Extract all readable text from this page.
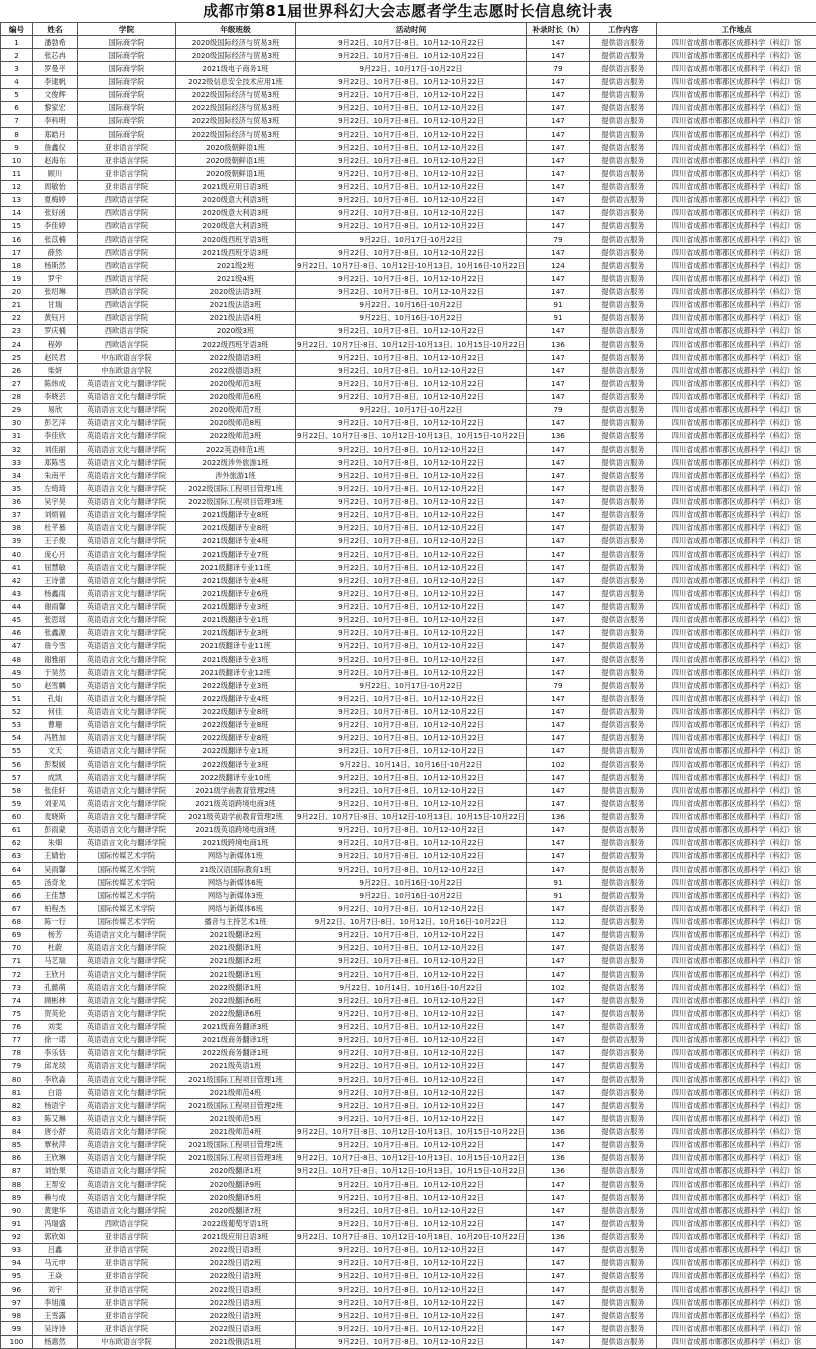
成都市第81届世界科幻大会志愿者学生志愿时长信息统计表
编号	姓名	学院	年级班级	活动时间	补录时长（h）	工作内容	工作地点
1	潘勃希	国际商学院	2020级国际经济与贸易3班	9月22日、10月7日-8日、10月12-10月22日	147	提供语言服务	四川省成都市郫都区成都科学（科幻）馆
2	张芯冉	国际商学院	2020级国际经济与贸易3班	9月22日、10月7日-8日、10月12-10月22日	147	提供语言服务	四川省成都市郫都区成都科学（科幻）馆
3	罗曼平	国际商学院	2021级电子商务1班	9月22日、10月17日-10月22日	79	提供语言服务	四川省成都市郫都区成都科学（科幻）馆
4	李逮帆	国际商学院	2022级信息安全技术应用1班	9月22日、10月7日-8日、10月12-10月22日	147	提供语言服务	四川省成都市郫都区成都科学（科幻）馆
5	文俊辉	国际商学院	2022级国际经济与贸易3班	9月22日、10月7日-8日、10月12-10月22日	147	提供语言服务	四川省成都市郫都区成都科学（科幻）馆
6	黎家宏	国际商学院	2022级国际经济与贸易3班	9月22日、10月7日-8日、10月12-10月22日	147	提供语言服务	四川省成都市郫都区成都科学（科幻）馆
7	李科明	国际商学院	2022级国际经济与贸易3班	9月22日、10月7日-8日、10月12-10月22日	147	提供语言服务	四川省成都市郫都区成都科学（科幻）馆
8	郑皓月	国际商学院	2022级国际经济与贸易3班	9月22日、10月7日-8日、10月12-10月22日	147	提供语言服务	四川省成都市郫都区成都科学（科幻）馆
9	詹鑫仪	亚非语言学院	2020级朝鲜语1班	9月22日、10月7日-8日、10月12-10月22日	147	提供语言服务	四川省成都市郫都区成都科学（科幻）馆
10	赵海东	亚非语言学院	2020级朝鲜语1班	9月22日、10月7日-8日、10月12-10月22日	147	提供语言服务	四川省成都市郫都区成都科学（科幻）馆
11	顾川	亚非语言学院	2020级朝鲜语1班	9月22日、10月7日-8日、10月12-10月22日	147	提供语言服务	四川省成都市郫都区成都科学（科幻）馆
12	周敏怡	亚非语言学院	2021级应用日语3班	9月22日、10月7日-8日、10月12-10月22日	147	提供语言服务	四川省成都市郫都区成都科学（科幻）馆
13	夏梅婷	西欧语言学院	2020级意大利语3班	9月22日、10月7日-8日、10月12-10月22日	147	提供语言服务	四川省成都市郫都区成都科学（科幻）馆
14	张好函	西欧语言学院	2020级意大利语3班	9月22日、10月7日-8日、10月12-10月22日	147	提供语言服务	四川省成都市郫都区成都科学（科幻）馆
15	李佳婷	西欧语言学院	2020级意大利语3班	9月22日、10月7日-8日、10月12-10月22日	147	提供语言服务	四川省成都市郫都区成都科学（科幻）馆
16	张苡楠	西欧语言学院	2020级西班牙语3班	9月22日、10月17日-10月22日	79	提供语言服务	四川省成都市郫都区成都科学（科幻）馆
17	薛然	西欧语言学院	2021级西班牙语3班	9月22日、10月7日-8日、10月12-10月22日	147	提供语言服务	四川省成都市郫都区成都科学（科幻）馆
18	杨斯然	西欧语言学院	2021级2班	9月22日、10月7日-8日、10月12日-10月13日、10月16日-10月22日	124	提供语言服务	四川省成都市郫都区成都科学（科幻）馆
19	罗宇	西欧语言学院	2021级4班	9月22日、10月7日-8日、10月12-10月22日	147	提供语言服务	四川省成都市郫都区成都科学（科幻）馆
20	张绍琳	西欧语言学院	2020级法语3班	9月22日、10月7日-8日、10月12-10月22日	147	提供语言服务	四川省成都市郫都区成都科学（科幻）馆
21	甘瑞	西欧语言学院	2021级法语3班	9月22日、10月16日-10月22日	91	提供语言服务	四川省成都市郫都区成都科学（科幻）馆
22	黄钰月	西欧语言学院	2021级法语4班	9月22日、10月16日-10月22日	91	提供语言服务	四川省成都市郫都区成都科学（科幻）馆
23	罗庆桶	西欧语言学院	2020级3班	9月22日、10月7日-8日、10月12-10月22日	147	提供语言服务	四川省成都市郫都区成都科学（科幻）馆
24	程婷	西欧语言学院	2022级西班牙语3班	9月22日、10月7日-8日、10月12日-10月13日、10月15日-10月22日	136	提供语言服务	四川省成都市郫都区成都科学（科幻）馆
25	赵民君	中东欧语言学院	2022级德语3班	9月22日、10月7日-8日、10月12-10月22日	147	提供语言服务	四川省成都市郫都区成都科学（科幻）馆
26	柴妍	中东欧语言学院	2022级德语3班	9月22日、10月7日-8日、10月12-10月22日	147	提供语言服务	四川省成都市郫都区成都科学（科幻）馆
27	陈炜成	英语语言文化与翻译学院	2020级师范3班	9月22日、10月7日-8日、10月12-10月22日	147	提供语言服务	四川省成都市郫都区成都科学（科幻）馆
28	李晓芸	英语语言文化与翻译学院	2020级师范6班	9月22日、10月7日-8日、10月12-10月22日	147	提供语言服务	四川省成都市郫都区成都科学（科幻）馆
29	易欣	英语语言文化与翻译学院	2020级师范7班	9月22日、10月17日-10月22日	79	提供语言服务	四川省成都市郫都区成都科学（科幻）馆
30	彭艺洋	英语语言文化与翻译学院	2020级师范8班	9月22日、10月7日-8日、10月12-10月22日	147	提供语言服务	四川省成都市郫都区成都科学（科幻）馆
31	李佳欣	英语语言文化与翻译学院	2022级师范3班	9月22日、10月7日-8日、10月12日-10月13日、10月15日-10月22日	136	提供语言服务	四川省成都市郫都区成都科学（科幻）馆
32	刘佳丽	英语语言文化与翻译学院	2022英语师范1班	9月22日、10月7日-8日、10月12-10月22日	147	提供语言服务	四川省成都市郫都区成都科学（科幻）馆
33	郑陈雪	英语语言文化与翻译学院	2022级涉外旅游1班	9月22日、10月7日-8日、10月12-10月22日	147	提供语言服务	四川省成都市郫都区成都科学（科幻）馆
34	朱南平	英语语言文化与翻译学院	涉外旅游1班	9月22日、10月7日-8日、10月12-10月22日	147	提供语言服务	四川省成都市郫都区成都科学（科幻）馆
35	左绮琦	英语语言文化与翻译学院	2022级国际工程项目管理1班	9月22日、10月7日-8日、10月12-10月22日	147	提供语言服务	四川省成都市郫都区成都科学（科幻）馆
36	吴宇昊	英语语言文化与翻译学院	2022级国际工程项目管理3班	9月22日、10月7日-8日、10月12-10月22日	147	提供语言服务	四川省成都市郫都区成都科学（科幻）馆
37	刘烦福	英语语言文化与翻译学院	2021级翻译专业8班	9月22日、10月7日-8日、10月12-10月22日	147	提供语言服务	四川省成都市郫都区成都科学（科幻）馆
38	杜芊慕	英语语言文化与翻译学院	2021级翻译专业8班	9月22日、10月7日-8日、10月12-10月22日	147	提供语言服务	四川省成都市郫都区成都科学（科幻）馆
39	王子俊	英语语言文化与翻译学院	2021级翻译专业4班	9月22日、10月7日-8日、10月12-10月22日	147	提供语言服务	四川省成都市郫都区成都科学（科幻）馆
40	庞心月	英语语言文化与翻译学院	2021级翻译专业7班	9月22日、10月7日-8日、10月12-10月22日	147	提供语言服务	四川省成都市郫都区成都科学（科幻）馆
41	屈慧敏	英语语言文化与翻译学院	2021级翻译专业11班	9月22日、10月7日-8日、10月12-10月22日	147	提供语言服务	四川省成都市郫都区成都科学（科幻）馆
42	王诗蕾	英语语言文化与翻译学院	2021级翻译专业4班	9月22日、10月7日-8日、10月12-10月22日	147	提供语言服务	四川省成都市郫都区成都科学（科幻）馆
43	杨鑫雨	英语语言文化与翻译学院	2021级翻译专业6班	9月22日、10月7日-8日、10月12-10月22日	147	提供语言服务	四川省成都市郫都区成都科学（科幻）馆
44	谢雨馨	英语语言文化与翻译学院	2021级翻译专业3班	9月22日、10月7日-8日、10月12-10月22日	147	提供语言服务	四川省成都市郫都区成都科学（科幻）馆
45	张思瑶	英语语言文化与翻译学院	2021级翻译专业1班	9月22日、10月7日-8日、10月12-10月22日	147	提供语言服务	四川省成都市郫都区成都科学（科幻）馆
46	张鑫源	英语语言文化与翻译学院	2021级翻译专业3班	9月22日、10月7日-8日、10月12-10月22日	147	提供语言服务	四川省成都市郫都区成都科学（科幻）馆
47	詹今雪	英语语言文化与翻译学院	2021级翻译专业11班	9月22日、10月7日-8日、10月12-10月22日	147	提供语言服务	四川省成都市郫都区成都科学（科幻）馆
48	谢雅丽	英语语言文化与翻译学院	2021级翻译专业3班	9月22日、10月7日-8日、10月12-10月22日	147	提供语言服务	四川省成都市郫都区成都科学（科幻）馆
49	于昊然	英语语言文化与翻译学院	2021级翻译专业12班	9月22日、10月7日-8日、10月12-10月22日	147	提供语言服务	四川省成都市郫都区成都科学（科幻）馆
50	赵雪麟	英语语言文化与翻译学院	2022级翻译专业3班	9月22日、10月17日-10月22日	79	提供语言服务	四川省成都市郫都区成都科学（科幻）馆
51	孔灿	英语语言文化与翻译学院	2022级翻译专业4班	9月22日、10月7日-8日、10月12-10月22日	147	提供语言服务	四川省成都市郫都区成都科学（科幻）馆
52	何佳	英语语言文化与翻译学院	2022级翻译专业8班	9月22日、10月7日-8日、10月12-10月22日	147	提供语言服务	四川省成都市郫都区成都科学（科幻）馆
53	曹珊	英语语言文化与翻译学院	2022级翻译专业8班	9月22日、10月7日-8日、10月12-10月22日	147	提供语言服务	四川省成都市郫都区成都科学（科幻）馆
54	冯胜加	英语语言文化与翻译学院	2022级翻译专业8班	9月22日、10月7日-8日、10月12-10月22日	147	提供语言服务	四川省成都市郫都区成都科学（科幻）馆
55	文天	英语语言文化与翻译学院	2022级翻译专业1班	9月22日、10月7日-8日、10月12-10月22日	147	提供语言服务	四川省成都市郫都区成都科学（科幻）馆
56	彭梨媛	英语语言文化与翻译学院	2022级翻译专业3班	9月22日、10月14日、10月16日-10月22日	102	提供语言服务	四川省成都市郫都区成都科学（科幻）馆
57	成凯	英语语言文化与翻译学院	2022级翻译专业10班	9月22日、10月7日-8日、10月12-10月22日	147	提供语言服务	四川省成都市郫都区成都科学（科幻）馆
58	张佳轩	英语语言文化与翻译学院	2021级学前教育管理2班	9月22日、10月7日-8日、10月12-10月22日	147	提供语言服务	四川省成都市郫都区成都科学（科幻）馆
59	刘亚凤	英语语言文化与翻译学院	2021级英语跨境电商3班	9月22日、10月7日-8日、10月12-10月22日	147	提供语言服务	四川省成都市郫都区成都科学（科幻）馆
60	麦晓斯	英语语言文化与翻译学院	2021级英语学前教育管理2班	9月22日、10月7日-8日、10月12日-10月13日、10月15日-10月22日	136	提供语言服务	四川省成都市郫都区成都科学（科幻）馆
61	彭雨蒙	英语语言文化与翻译学院	2021级英语跨境电商3班	9月22日、10月7日-8日、10月12-10月22日	147	提供语言服务	四川省成都市郫都区成都科学（科幻）馆
62	朱畑	英语语言文化与翻译学院	2021级跨境电商1班	9月22日、10月7日-8日、10月12-10月22日	147	提供语言服务	四川省成都市郫都区成都科学（科幻）馆
63	王婧怡	国际传媒艺术学院	网络与新媒体1班	9月22日、10月7日-8日、10月12-10月22日	147	提供语言服务	四川省成都市郫都区成都科学（科幻）馆
64	吴雨馨	国际传媒艺术学院	21级汉语国际教育1班	9月22日、10月7日-8日、10月12-10月22日	147	提供语言服务	四川省成都市郫都区成都科学（科幻）馆
65	汤奇龙	国际传媒艺术学院	网络与新媒体6班	9月22日、10月16日-10月22日	91	提供语言服务	四川省成都市郫都区成都科学（科幻）馆
66	王佳慧	国际传媒艺术学院	网络与新媒体3班	9月22日、10月16日-10月22日	91	提供语言服务	四川省成都市郫都区成都科学（科幻）馆
67	柏程杰	国际传媒艺术学院	网络与新媒体6班	9月22日、10月7日-8日、10月12-10月22日	147	提供语言服务	四川省成都市郫都区成都科学（科幻）馆
68	陈一行	国际传媒艺术学院	播音与主持艺术1班	9月22日、10月7日-8日、10月12日、10月16日-10月22日	112	提供语言服务	四川省成都市郫都区成都科学（科幻）馆
69	杨芳	英语语言文化与翻译学院	2021级翻译2班	9月22日、10月7日-8日、10月12-10月22日	147	提供语言服务	四川省成都市郫都区成都科学（科幻）馆
70	杜蔚	英语语言文化与翻译学院	2021级翻译1班	9月22日、10月7日-8日、10月12-10月22日	147	提供语言服务	四川省成都市郫都区成都科学（科幻）馆
71	马艺瑞	英语语言文化与翻译学院	2021级翻译2班	9月22日、10月7日-8日、10月12-10月22日	147	提供语言服务	四川省成都市郫都区成都科学（科幻）馆
72	王欣月	英语语言文化与翻译学院	2021级翻译1班	9月22日、10月7日-8日、10月12-10月22日	147	提供语言服务	四川省成都市郫都区成都科学（科幻）馆
73	孔懿萌	英语语言文化与翻译学院	2022级翻译1班	9月22日、10月14日、10月16日-10月22日	102	提供语言服务	四川省成都市郫都区成都科学（科幻）馆
74	顾彬林	英语语言文化与翻译学院	2022级翻译6班	9月22日、10月7日-8日、10月12-10月22日	147	提供语言服务	四川省成都市郫都区成都科学（科幻）馆
75	贺英伦	英语语言文化与翻译学院	2022级翻译6班	9月22日、10月7日-8日、10月12-10月22日	147	提供语言服务	四川省成都市郫都区成都科学（科幻）馆
76	刘雯	英语语言文化与翻译学院	2021级商务翻译3班	9月22日、10月7日-8日、10月12-10月22日	147	提供语言服务	四川省成都市郫都区成都科学（科幻）馆
77	徐一诺	英语语言文化与翻译学院	2021级商务翻译1班	9月22日、10月7日-8日、10月12-10月22日	147	提供语言服务	四川省成都市郫都区成都科学（科幻）馆
78	李乐恬	英语语言文化与翻译学院	2022级商务翻译1班	9月22日、10月7日-8日、10月12-10月22日	147	提供语言服务	四川省成都市郫都区成都科学（科幻）馆
79	邱龙琰	英语语言文化与翻译学院	2021级英语1班	9月22日、10月7日-8日、10月12-10月22日	147	提供语言服务	四川省成都市郫都区成都科学（科幻）馆
80	李欣淼	英语语言文化与翻译学院	2021级国际工程项目管理1班	9月22日、10月7日-8日、10月12-10月22日	147	提供语言服务	四川省成都市郫都区成都科学（科幻）馆
81	白语	英语语言文化与翻译学院	2021级师范4班	9月22日、10月7日-8日、10月12-10月22日	147	提供语言服务	四川省成都市郫都区成都科学（科幻）馆
82	杨语宇	英语语言文化与翻译学院	2021级国际工程项目管理2班	9月22日、10月7日-8日、10月12-10月22日	147	提供语言服务	四川省成都市郫都区成都科学（科幻）馆
83	陈艾琳	英语语言文化与翻译学院	2021级师范5班	9月22日、10月7日-8日、10月12-10月22日	147	提供语言服务	四川省成都市郫都区成都科学（科幻）馆
84	唐小舒	英语语言文化与翻译学院	2021级师范4班	9月22日、10月7日-8日、10月12日-10月13日、10月15日-10月22日	136	提供语言服务	四川省成都市郫都区成都科学（科幻）馆
85	覃秋萍	英语语言文化与翻译学院	2021级国际工程项目管理2班	9月22日、10月7日-8日、10月12-10月22日	147	提供语言服务	四川省成都市郫都区成都科学（科幻）馆
86	王欣琳	英语语言文化与翻译学院	2021级国际工程项目管理3班	9月22日、10月7日-8日、10月12日-10月13日、10月15日-10月22日	136	提供语言服务	四川省成都市郫都区成都科学（科幻）馆
87	刘怡果	英语语言文化与翻译学院	2020级翻译1班	9月22日、10月7日-8日、10月12日-10月13日、10月15日-10月22日	136	提供语言服务	四川省成都市郫都区成都科学（科幻）馆
88	王帮安	英语语言文化与翻译学院	2020级翻译9班	9月22日、10月7日-8日、10月12-10月22日	147	提供语言服务	四川省成都市郫都区成都科学（科幻）馆
89	赖与成	英语语言文化与翻译学院	2020级翻译5班	9月22日、10月7日-8日、10月12-10月22日	147	提供语言服务	四川省成都市郫都区成都科学（科幻）馆
90	黄建华	英语语言文化与翻译学院	2020级翻译7班	9月22日、10月7日-8日、10月12-10月22日	147	提供语言服务	四川省成都市郫都区成都科学（科幻）馆
91	冯瑞盛	西欧语言学院	2022级葡萄牙语1班	9月22日、10月7日-8日、10月12-10月22日	147	提供语言服务	四川省成都市郫都区成都科学（科幻）馆
92	郭欣如	亚非语言学院	2021级应用日语3班	9月22日、10月7日-8日、10月12日-10月18日、10月20日-10月22日	136	提供语言服务	四川省成都市郫都区成都科学（科幻）馆
93	吕鑫	亚非语言学院	2022级日语3班	9月22日、10月7日-8日、10月12-10月22日	147	提供语言服务	四川省成都市郫都区成都科学（科幻）馆
94	马元申	亚非语言学院	2022级日语2班	9月22日、10月7日-8日、10月12-10月22日	147	提供语言服务	四川省成都市郫都区成都科学（科幻）馆
95	王焱	亚非语言学院	2022级日语3班	9月22日、10月7日-8日、10月12-10月22日	147	提供语言服务	四川省成都市郫都区成都科学（科幻）馆
96	刘宇	亚非语言学院	2022级日语3班	9月22日、10月7日-8日、10月12-10月22日	147	提供语言服务	四川省成都市郫都区成都科学（科幻）馆
97	李旭潼	亚非语言学院	2022级日语3班	9月22日、10月7日-8日、10月12-10月22日	147	提供语言服务	四川省成都市郫都区成都科学（科幻）馆
98	王雪露	亚非语言学院	2022级日语3班	9月22日、10月7日-8日、10月12-10月22日	147	提供语言服务	四川省成都市郫都区成都科学（科幻）馆
99	吴诗诗	亚非语言学院	2022级日语3班	9月22日、10月7日-8日、10月12-10月22日	147	提供语言服务	四川省成都市郫都区成都科学（科幻）馆
100	杨惠然	中东欧语言学院	2021级俄语1班	9月22日、10月7日-8日、10月12-10月22日	147	提供语言服务	四川省成都市郫都区成都科学（科幻）馆
